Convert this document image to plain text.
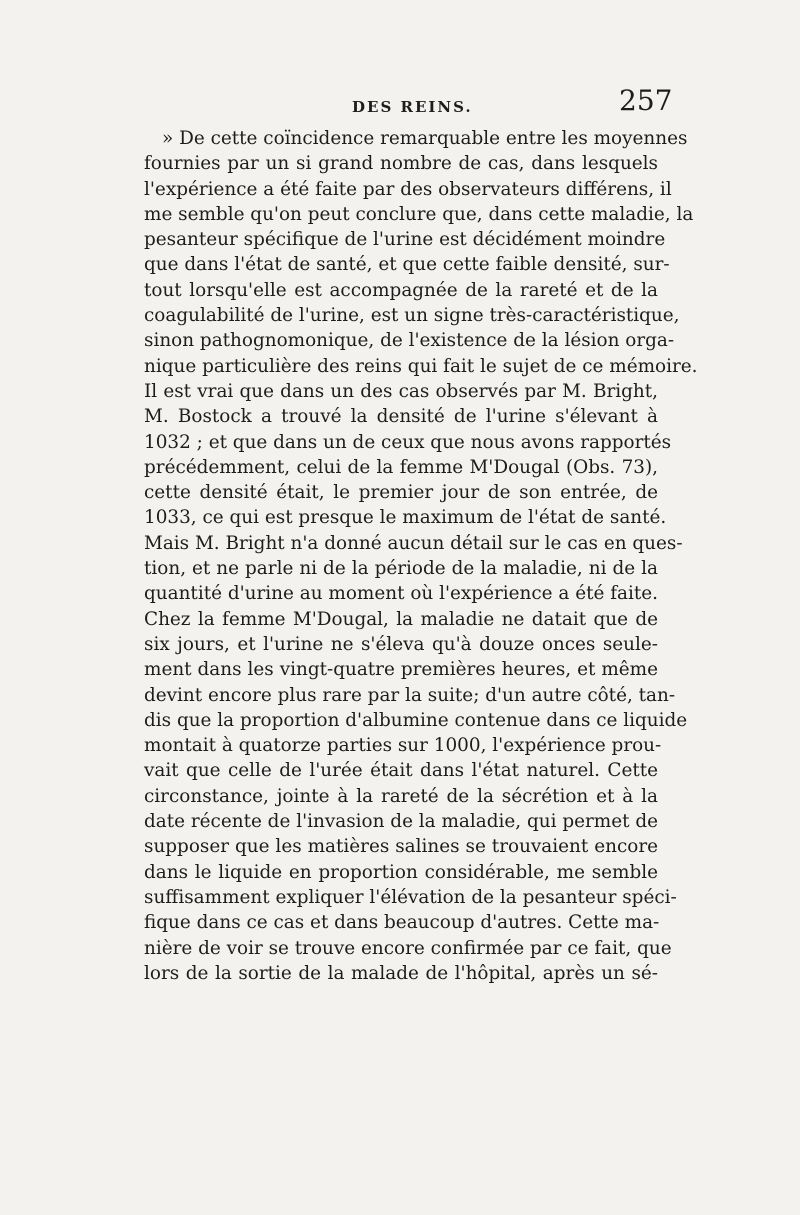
DES REINS.	257
» De cette coïncidence remarquable entre les moyennes
fournies par un si grand nombre de cas, dans lesquels
l'expérience a été faite par des observateurs différens, il
me semble qu'on peut conclure que, dans cette maladie, la
pesanteur spécifique de l'urine est décidément moindre
que dans l'état de santé, et que cette faible densité, sur-
tout lorsqu'elle est accompagnée de la rareté et de la
coagulabilité de l'urine, est un signe très-caractéristique,
sinon pathognomonique, de l'existence de la lésion orga-
nique particulière des reins qui fait le sujet de ce mémoire.
Il est vrai que dans un des cas observés par M. Bright,
M. Bostock a trouvé la densité de l'urine s'élevant à
1032 ; et que dans un de ceux que nous avons rapportés
précédemment, celui de la femme M'Dougal (Obs. 73),
cette densité était, le premier jour de son entrée, de
1033, ce qui est presque le maximum de l'état de santé.
Mais M. Bright n'a donné aucun détail sur le cas en ques-
tion, et ne parle ni de la période de la maladie, ni de la
quantité d'urine au moment où l'expérience a été faite.
Chez la femme M'Dougal, la maladie ne datait que de
six jours, et l'urine ne s'éleva qu'à douze onces seule-
ment dans les vingt-quatre premières heures, et même
devint encore plus rare par la suite; d'un autre côté, tan-
dis que la proportion d'albumine contenue dans ce liquide
montait à quatorze parties sur 1000, l'expérience prou-
vait que celle de l'urée était dans l'état naturel. Cette
circonstance, jointe à la rareté de la sécrétion et à la
date récente de l'invasion de la maladie, qui permet de
supposer que les matières salines se trouvaient encore
dans le liquide en proportion considérable, me semble
suffisamment expliquer l'élévation de la pesanteur spéci-
fique dans ce cas et dans beaucoup d'autres. Cette ma-
nière de voir se trouve encore confirmée par ce fait, que
lors de la sortie de la malade de l'hôpital, après un sé-
